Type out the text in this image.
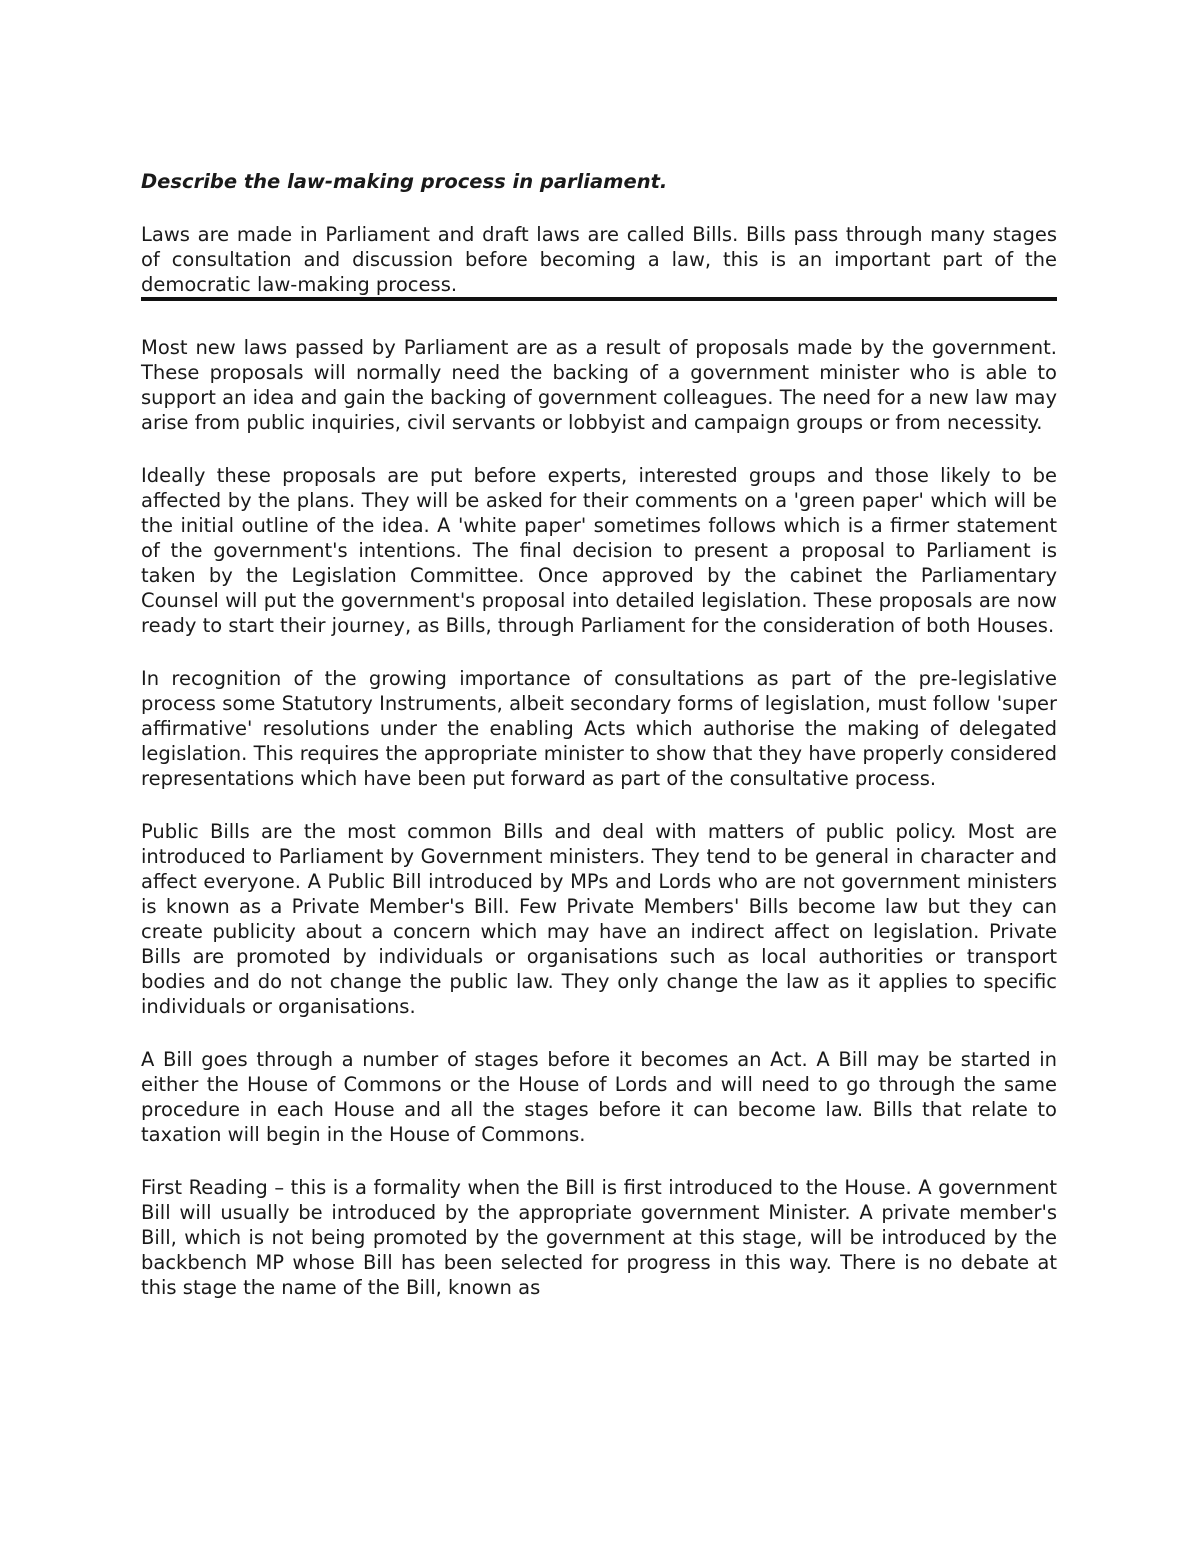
Describe the law-making process in parliament.

Laws are made in Parliament and draft laws are called Bills. Bills pass through many stages of consultation and discussion before becoming a law, this is an important part of the democratic law-making process.

Most new laws passed by Parliament are as a result of proposals made by the government. These proposals will normally need the backing of a government minister who is able to support an idea and gain the backing of government colleagues. The need for a new law may arise from public inquiries, civil servants or lobbyist and campaign groups or from necessity.

Ideally these proposals are put before experts, interested groups and those likely to be affected by the plans. They will be asked for their comments on a 'green paper' which will be the initial outline of the idea. A 'white paper' sometimes follows which is a firmer statement of the government's intentions. The final decision to present a proposal to Parliament is taken by the Legislation Committee. Once approved by the cabinet the Parliamentary Counsel will put the government's proposal into detailed legislation. These proposals are now ready to start their journey, as Bills, through Parliament for the consideration of both Houses.

In recognition of the growing importance of consultations as part of the pre-legislative process some Statutory Instruments, albeit secondary forms of legislation, must follow 'super affirmative' resolutions under the enabling Acts which authorise the making of delegated legislation. This requires the appropriate minister to show that they have properly considered representations which have been put forward as part of the consultative process.

Public Bills are the most common Bills and deal with matters of public policy. Most are introduced to Parliament by Government ministers. They tend to be general in character and affect everyone. A Public Bill introduced by MPs and Lords who are not government ministers is known as a Private Member's Bill. Few Private Members' Bills become law but they can create publicity about a concern which may have an indirect affect on legislation. Private Bills are promoted by individuals or organisations such as local authorities or transport bodies and do not change the public law. They only change the law as it applies to specific individuals or organisations.

A Bill goes through a number of stages before it becomes an Act. A Bill may be started in either the House of Commons or the House of Lords and will need to go through the same procedure in each House and all the stages before it can become law. Bills that relate to taxation will begin in the House of Commons.

First Reading – this is a formality when the Bill is first introduced to the House. A government Bill will usually be introduced by the appropriate government Minister. A private member's Bill, which is not being promoted by the government at this stage, will be introduced by the backbench MP whose Bill has been selected for progress in this way. There is no debate at this stage the name of the Bill, known as
